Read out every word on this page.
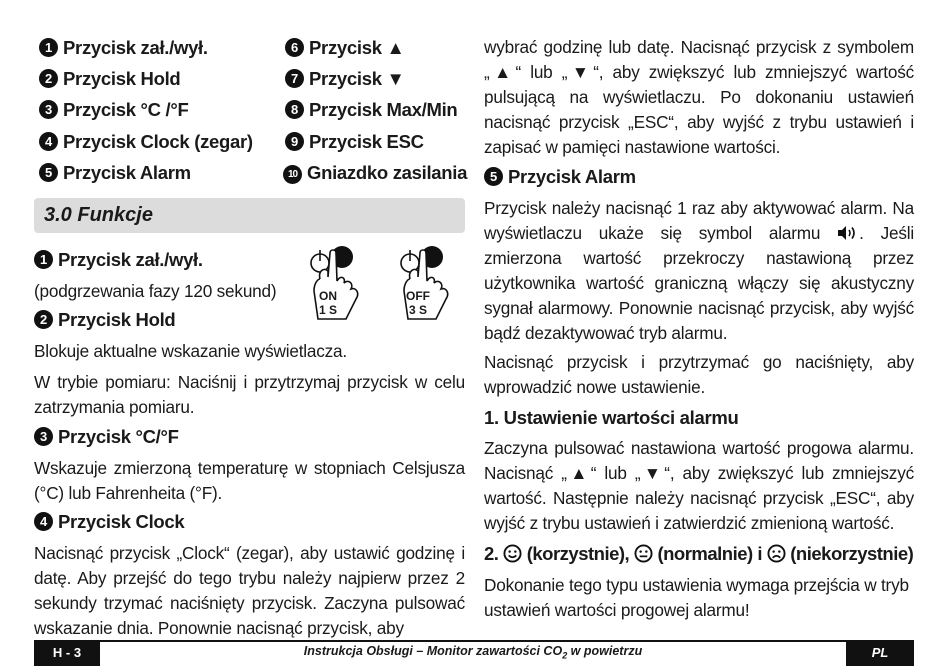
1 Przycisk zał./wył.
2 Przycisk Hold
3 Przycisk °C /°F
4 Przycisk Clock (zegar)
5 Przycisk Alarm
6 Przycisk ▲
7 Przycisk ▼
8 Przycisk Max/Min
9 Przycisk ESC
10 Gniazdko zasilania
3.0 Funkcje
1 Przycisk zał./wył.
(podgrzewania fazy 120 sekund)
2 Przycisk Hold
Blokuje aktualne wskazanie wyświetlacza.
W trybie pomiaru: Naciśnij i przytrzymaj przycisk w celu zatrzymania pomiaru.
3 Przycisk °C/°F
Wskazuje zmierzoną temperaturę w stopniach Celsjusza (°C) lub Fahrenheita (°F).
4 Przycisk Clock
Nacisnąć przycisk „Clock“ (zegar), aby ustawić godzinę i datę. Aby przejść do tego trybu należy najpierw przez 2 sekundy trzymać naciśnięty przycisk. Zaczyna pulsować wskazanie dnia. Ponownie nacisnąć przycisk, aby
ON
1 S
OFF
3 S
wybrać godzinę lub datę. Nacisnąć przycisk z symbolem „▲“ lub „▼“, aby zwiększyć lub zmniejszyć wartość pulsującą na wyświetlaczu. Po dokonaniu ustawień nacisnąć przycisk „ESC“, aby wyjść z trybu ustawień i zapisać w pamięci nastawione wartości.
5 Przycisk Alarm
Przycisk należy nacisnąć 1 raz aby aktywować alarm. Na wyświetlaczu ukaże się symbol alarmu . Jeśli zmierzona wartość przekroczy nastawioną przez użytkownika wartość graniczną włączy się akustyczny sygnał alarmowy. Ponownie nacisnąć przycisk, aby wyjść bądź dezaktywować tryb alarmu.
Nacisnąć przycisk i przytrzymać go naciśnięty, aby wprowadzić nowe ustawienie.
1. Ustawienie wartości alarmu
Zaczyna pulsować nastawiona wartość progowa alarmu. Nacisnąć „▲“ lub „▼“, aby zwiększyć lub zmniejszyć wartość. Następnie należy nacisnąć przycisk „ESC“, aby wyjść z trybu ustawień i zatwierdzić zmienioną wartość.
2. (korzystnie), (normalnie) i (niekorzystnie)
Dokonanie tego typu ustawienia wymaga przejścia w tryb ustawień wartości progowej alarmu!
H - 3	Instrukcja Obsługi – Monitor zawartości $CO_2$ w powietrzu	PL
